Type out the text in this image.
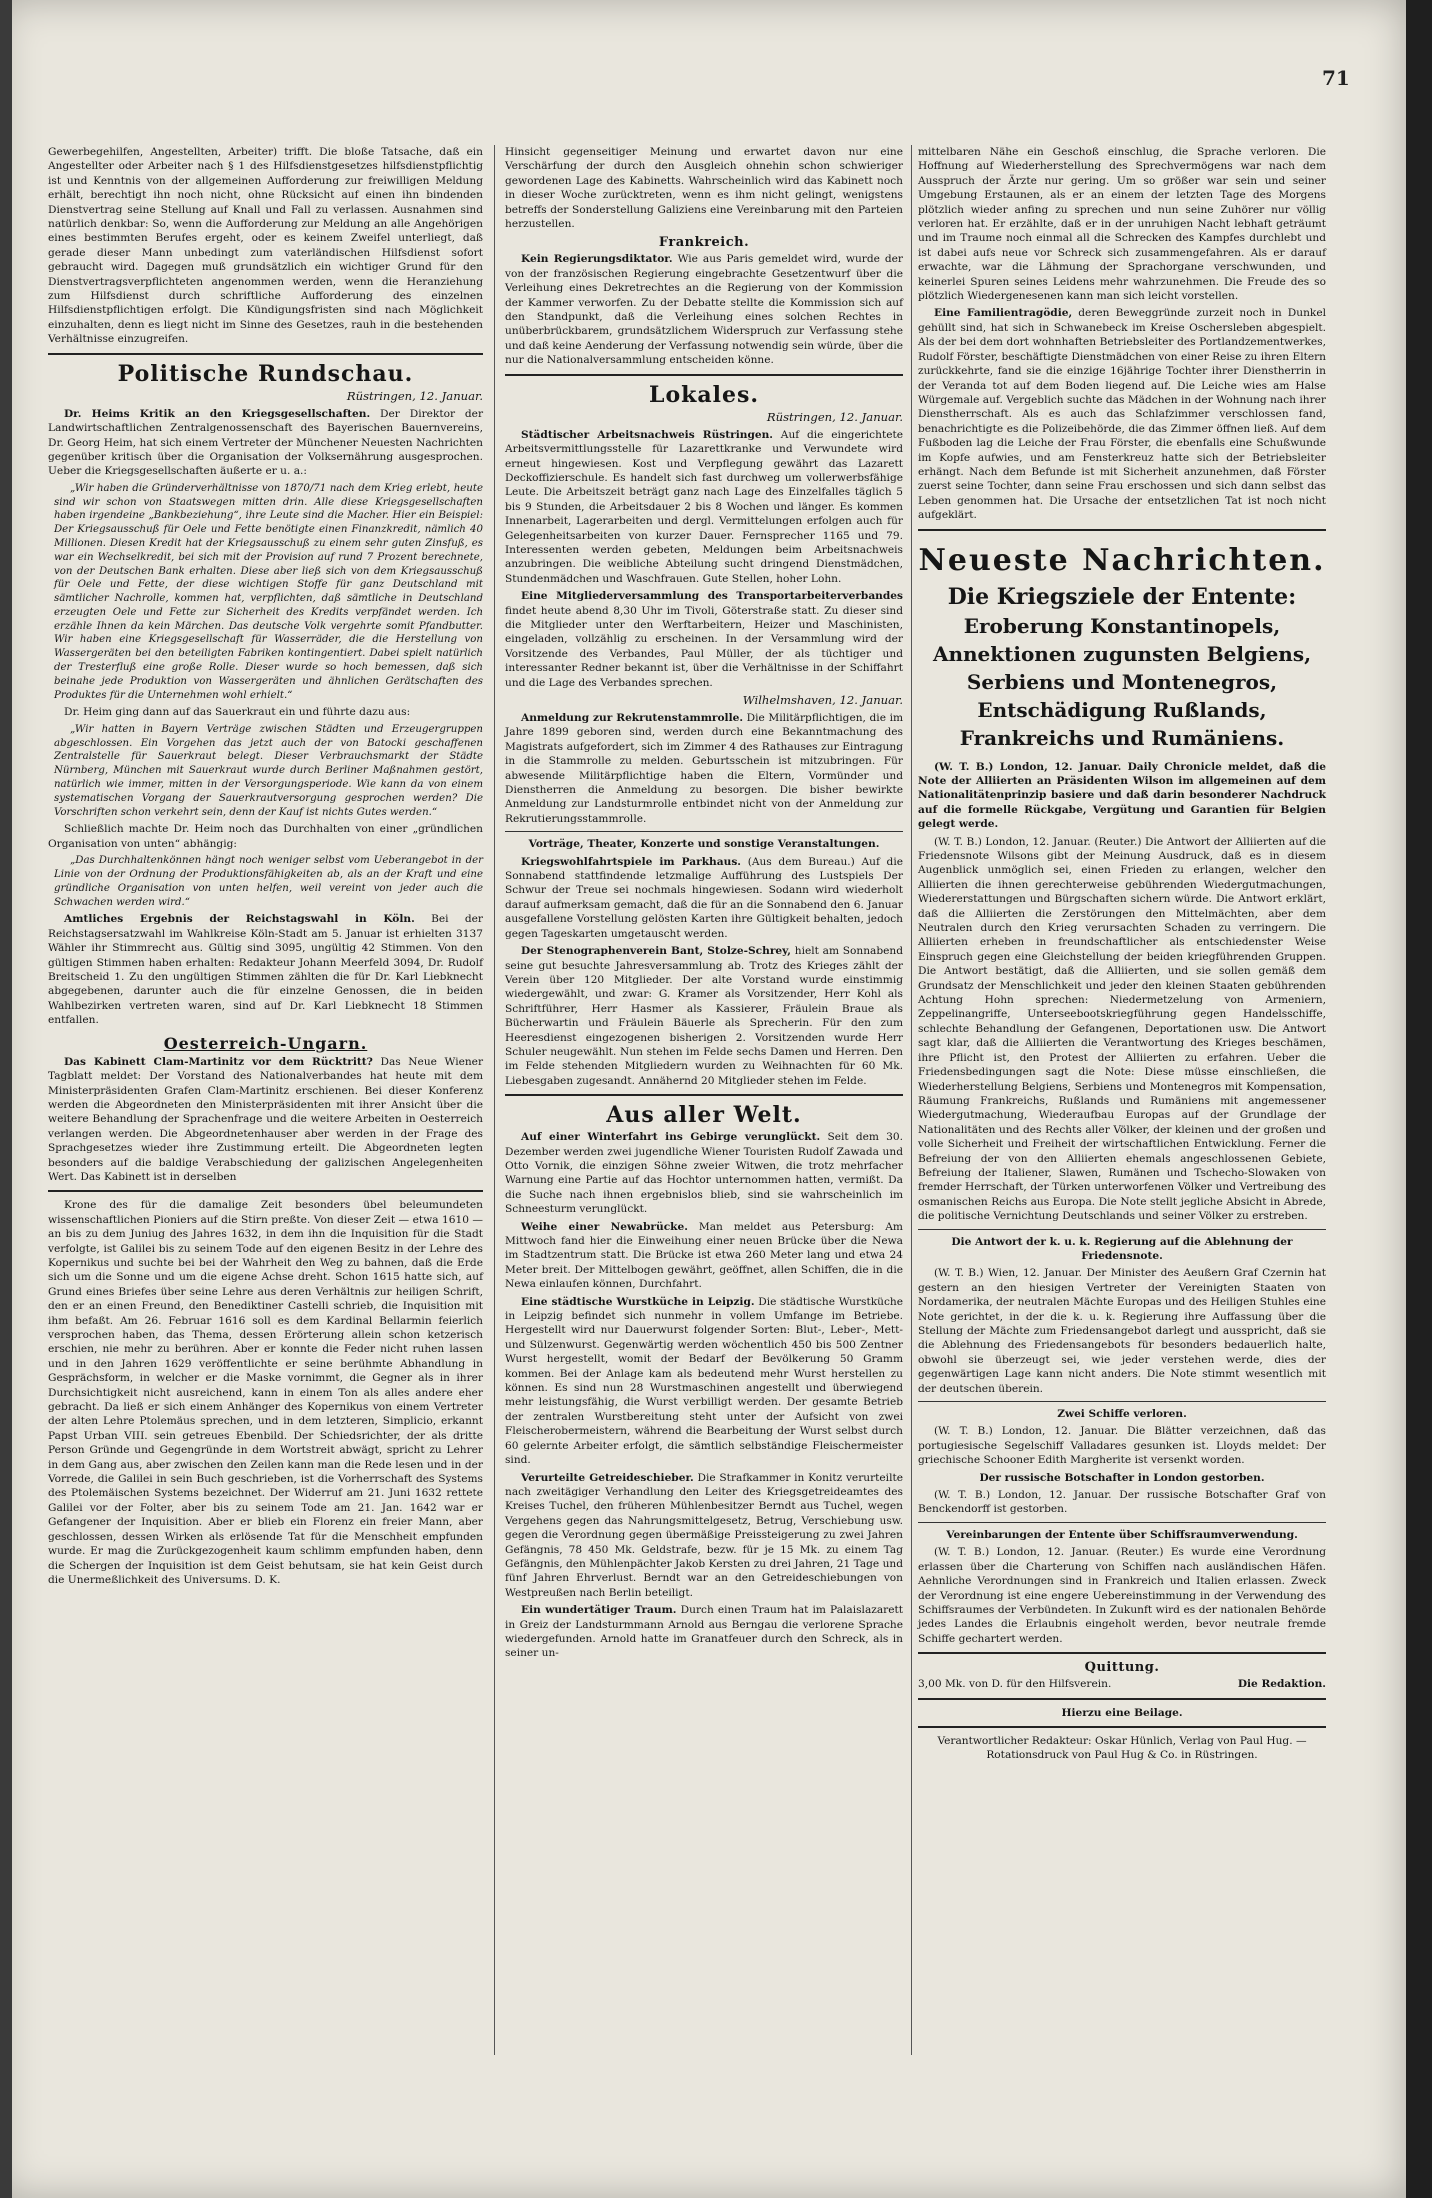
71

Gewerbegehilfen, Angestellten, Arbeiter) trifft. Die bloße Tatsache, daß ein Angestellter oder Arbeiter nach § 1 des Hilfsdienstgesetzes hilfsdienstpflichtig ist und Kenntnis von der allgemeinen Aufforderung zur freiwilligen Meldung erhält, berechtigt ihn noch nicht, ohne Rücksicht auf einen ihn bindenden Dienstvertrag seine Stellung auf Knall und Fall zu verlassen. Ausnahmen sind natürlich denkbar: So, wenn die Aufforderung zur Meldung an alle Angehörigen eines bestimmten Berufes ergeht, oder es keinem Zweifel unterliegt, daß gerade dieser Mann unbedingt zum vaterländischen Hilfsdienst sofort gebraucht wird. Dagegen muß grundsätzlich ein wichtiger Grund für den Dienstvertragsverpflichteten angenommen werden, wenn die Heranziehung zum Hilfsdienst durch schriftliche Aufforderung des einzelnen Hilfsdienstpflichtigen erfolgt. Die Kündigungsfristen sind nach Möglichkeit einzuhalten, denn es liegt nicht im Sinne des Gesetzes, rauh in die bestehenden Verhältnisse einzugreifen.

Politische Rundschau.
Rüstringen, 12. Januar.

Dr. Heims Kritik an den Kriegsgesellschaften. Der Direktor der Landwirtschaftlichen Zentralgenossenschaft des Bayerischen Bauernvereins, Dr. Georg Heim, hat sich einem Vertreter der Münchener Neuesten Nachrichten gegenüber kritisch über die Organisation der Volksernährung ausgesprochen. Ueber die Kriegsgesellschaften äußerte er u. a.:

„Wir haben die Gründerverhältnisse von 1870/71 nach dem Krieg erlebt, heute sind wir schon von Staatswegen mitten drin. Alle diese Kriegsgesellschaften haben irgendeine „Bankbeziehung“, ihre Leute sind die Macher. Hier ein Beispiel: Der Kriegsausschuß für Oele und Fette benötigte einen Finanzkredit, nämlich 40 Millionen. Diesen Kredit hat der Kriegsausschuß zu einem sehr guten Zinsfuß, es war ein Wechselkredit, bei sich mit der Provision auf rund 7 Prozent berechnete, von der Deutschen Bank erhalten. Diese aber ließ sich von dem Kriegsausschuß für Oele und Fette, der diese wichtigen Stoffe für ganz Deutschland mit sämtlicher Nachrolle, kommen hat, verpflichten, daß sämtliche in Deutschland erzeugten Oele und Fette zur Sicherheit des Kredits verpfändet werden. Ich erzähle Ihnen da kein Märchen. Das deutsche Volk vergehrte somit Pfandbutter. Wir haben eine Kriegsgesellschaft für Wasserräder, die die Herstellung von Wassergeräten bei den beteiligten Fabriken kontingentiert. Dabei spielt natürlich der Tresterfluß eine große Rolle. Dieser wurde so hoch bemessen, daß sich beinahe jede Produktion von Wassergeräten und ähnlichen Gerätschaften des Produktes für die Unternehmen wohl erhielt.“

Dr. Heim ging dann auf das Sauerkraut ein und führte dazu aus:

„Wir hatten in Bayern Verträge zwischen Städten und Erzeugergruppen abgeschlossen. Ein Vorgehen das jetzt auch der von Batocki geschaffenen Zentralstelle für Sauerkraut belegt. Dieser Verbrauchsmarkt der Städte Nürnberg, München mit Sauerkraut wurde durch Berliner Maßnahmen gestört, natürlich wie immer, mitten in der Versorgungsperiode. Wie kann da von einem systematischen Vorgang der Sauerkrautversorgung gesprochen werden? Die Vorschriften schon verkehrt sein, denn der Kauf ist nichts Gutes werden.“

Schließlich machte Dr. Heim noch das Durchhalten von einer „gründlichen Organisation von unten“ abhängig:

„Das Durchhaltenkönnen hängt noch weniger selbst vom Ueberangebot in der Linie von der Ordnung der Produktionsfähigkeiten ab, als an der Kraft und eine gründliche Organisation von unten helfen, weil vereint von jeder auch die Schwachen werden wird.“

Amtliches Ergebnis der Reichstagswahl in Köln. Bei der Reichstagsersatzwahl im Wahlkreise Köln-Stadt am 5. Januar ist erhielten 3137 Wähler ihr Stimmrecht aus. Gültig sind 3095, ungültig 42 Stimmen. Von den gültigen Stimmen haben erhalten: Redakteur Johann Meerfeld 3094, Dr. Rudolf Breitscheid 1. Zu den ungültigen Stimmen zählten die für Dr. Karl Liebknecht abgegebenen, darunter auch die für einzelne Genossen, die in beiden Wahlbezirken vertreten waren, sind auf Dr. Karl Liebknecht 18 Stimmen entfallen.

Oesterreich-Ungarn.

Das Kabinett Clam-Martinitz vor dem Rücktritt? Das Neue Wiener Tagblatt meldet: Der Vorstand des Nationalverbandes hat heute mit dem Ministerpräsidenten Grafen Clam-Martinitz erschienen. Bei dieser Konferenz werden die Abgeordneten den Ministerpräsidenten mit ihrer Ansicht über die weitere Behandlung der Sprachenfrage und die weitere Arbeiten in Oesterreich verlangen werden. Die Abgeordnetenhauser aber werden in der Frage des Sprachgesetzes wieder ihre Zustimmung erteilt. Die Abgeordneten legten besonders auf die baldige Verabschiedung der galizischen Angelegenheiten Wert. Das Kabinett ist in derselben

Krone des für die damalige Zeit besonders übel beleumundeten wissenschaftlichen Pioniers auf die Stirn preßte. Von dieser Zeit — etwa 1610 — an bis zu dem Juniug des Jahres 1632, in dem ihn die Inquisition für die Stadt verfolgte, ist Galilei bis zu seinem Tode auf den eigenen Besitz in der Lehre des Kopernikus und suchte bei bei der Wahrheit den Weg zu bahnen, daß die Erde sich um die Sonne und um die eigene Achse dreht. Schon 1615 hatte sich, auf Grund eines Briefes über seine Lehre aus deren Verhältnis zur heiligen Schrift, den er an einen Freund, den Benediktiner Castelli schrieb, die Inquisition mit ihm befaßt. Am 26. Februar 1616 soll es dem Kardinal Bellarmin feierlich versprochen haben, das Thema, dessen Erörterung allein schon ketzerisch erschien, nie mehr zu berühren. Aber er konnte die Feder nicht ruhen lassen und in den Jahren 1629 veröffentlichte er seine berühmte Abhandlung in Gesprächsform, in welcher er die Maske vornimmt, die Gegner als in ihrer Durchsichtigkeit nicht ausreichend, kann in einem Ton als alles andere eher gebracht. Da ließ er sich einem Anhänger des Kopernikus von einem Vertreter der alten Lehre Ptolemäus sprechen, und in dem letzteren, Simplicio, erkannt Papst Urban VIII. sein getreues Ebenbild. Der Schiedsrichter, der als dritte Person Gründe und Gegengründe in dem Wortstreit abwägt, spricht zu Lehrer in dem Gang aus, aber zwischen den Zeilen kann man die Rede lesen und in der Vorrede, die Galilei in sein Buch geschrieben, ist die Vorherrschaft des Systems des Ptolemäischen Systems bezeichnet. Der Widerruf am 21. Juni 1632 rettete Galilei vor der Folter, aber bis zu seinem Tode am 21. Jan. 1642 war er Gefangener der Inquisition. Aber er blieb ein Florenz ein freier Mann, aber geschlossen, dessen Wirken als erlösende Tat für die Menschheit empfunden wurde. Er mag die Zurückgezogenheit kaum schlimm empfunden haben, denn die Schergen der Inquisition ist dem Geist behutsam, sie hat kein Geist durch die Unermeßlichkeit des Universums. D. K.

Hinsicht gegenseitiger Meinung und erwartet davon nur eine Verschärfung der durch den Ausgleich ohnehin schon schwieriger gewordenen Lage des Kabinetts. Wahrscheinlich wird das Kabinett noch in dieser Woche zurücktreten, wenn es ihm nicht gelingt, wenigstens betreffs der Sonderstellung Galiziens eine Vereinbarung mit den Parteien herzustellen.

Frankreich.

Kein Regierungsdiktator. Wie aus Paris gemeldet wird, wurde der von der französischen Regierung eingebrachte Gesetzentwurf über die Verleihung eines Dekretrechtes an die Regierung von der Kommission der Kammer verworfen. Zu der Debatte stellte die Kommission sich auf den Standpunkt, daß die Verleihung eines solchen Rechtes in unüberbrückbarem, grundsätzlichem Widerspruch zur Verfassung stehe und daß keine Aenderung der Verfassung notwendig sein würde, über die nur die Nationalversammlung entscheiden könne.

Lokales.
Rüstringen, 12. Januar.

Städtischer Arbeitsnachweis Rüstringen. Auf die eingerichtete Arbeitsvermittlungsstelle für Lazarettkranke und Verwundete wird erneut hingewiesen. Kost und Verpflegung gewährt das Lazarett Deckoffizierschule. Es handelt sich fast durchweg um vollerwerbsfähige Leute. Die Arbeitszeit beträgt ganz nach Lage des Einzelfalles täglich 5 bis 9 Stunden, die Arbeitsdauer 2 bis 8 Wochen und länger. Es kommen Innenarbeit, Lagerarbeiten und dergl. Vermittelungen erfolgen auch für Gelegenheitsarbeiten von kurzer Dauer. Fernsprecher 1165 und 79. Interessenten werden gebeten, Meldungen beim Arbeitsnachweis anzubringen. Die weibliche Abteilung sucht dringend Dienstmädchen, Stundenmädchen und Waschfrauen. Gute Stellen, hoher Lohn.

Eine Mitgliederversammlung des Transportarbeiterverbandes findet heute abend 8,30 Uhr im Tivoli, Göterstraße statt. Zu dieser sind die Mitglieder unter den Werftarbeitern, Heizer und Maschinisten, eingeladen, vollzählig zu erscheinen. In der Versammlung wird der Vorsitzende des Verbandes, Paul Müller, der als tüchtiger und interessanter Redner bekannt ist, über die Verhältnisse in der Schiffahrt und die Lage des Verbandes sprechen.

Wilhelmshaven, 12. Januar.

Anmeldung zur Rekrutenstammrolle. Die Militärpflichtigen, die im Jahre 1899 geboren sind, werden durch eine Bekanntmachung des Magistrats aufgefordert, sich im Zimmer 4 des Rathauses zur Eintragung in die Stammrolle zu melden. Geburtsschein ist mitzubringen. Für abwesende Militärpflichtige haben die Eltern, Vormünder und Dienstherren die Anmeldung zu besorgen. Die bisher bewirkte Anmeldung zur Landsturmrolle entbindet nicht von der Anmeldung zur Rekrutierungsstammrolle.

Vorträge, Theater, Konzerte und sonstige Veranstaltungen.

Kriegswohlfahrtspiele im Parkhaus. (Aus dem Bureau.) Auf die Sonnabend stattfindende letzmalige Aufführung des Lustspiels Der Schwur der Treue sei nochmals hingewiesen. Sodann wird wiederholt darauf aufmerksam gemacht, daß die für an die Sonnabend den 6. Januar ausgefallene Vorstellung gelösten Karten ihre Gültigkeit behalten, jedoch gegen Tageskarten umgetauscht werden.

Der Stenographenverein Bant, Stolze-Schrey, hielt am Sonnabend seine gut besuchte Jahresversammlung ab. Trotz des Krieges zählt der Verein über 120 Mitglieder. Der alte Vorstand wurde einstimmig wiedergewählt, und zwar: G. Kramer als Vorsitzender, Herr Kohl als Schriftführer, Herr Hasmer als Kassierer, Fräulein Braue als Bücherwartin und Fräulein Bäuerle als Sprecherin. Für den zum Heeresdienst eingezogenen bisherigen 2. Vorsitzenden wurde Herr Schuler neugewählt. Nun stehen im Felde sechs Damen und Herren. Den im Felde stehenden Mitgliedern wurden zu Weihnachten für 60 Mk. Liebesgaben zugesandt. Annähernd 20 Mitglieder stehen im Felde.

Aus aller Welt.

Auf einer Winterfahrt ins Gebirge verunglückt. Seit dem 30. Dezember werden zwei jugendliche Wiener Touristen Rudolf Zawada und Otto Vornik, die einzigen Söhne zweier Witwen, die trotz mehrfacher Warnung eine Partie auf das Hochtor unternommen hatten, vermißt. Da die Suche nach ihnen ergebnislos blieb, sind sie wahrscheinlich im Schneesturm verunglückt.

Weihe einer Newabrücke. Man meldet aus Petersburg: Am Mittwoch fand hier die Einweihung einer neuen Brücke über die Newa im Stadtzentrum statt. Die Brücke ist etwa 260 Meter lang und etwa 24 Meter breit. Der Mittelbogen gewährt, geöffnet, allen Schiffen, die in die Newa einlaufen können, Durchfahrt.

Eine städtische Wurstküche in Leipzig. Die städtische Wurstküche in Leipzig befindet sich nunmehr in vollem Umfange im Betriebe. Hergestellt wird nur Dauerwurst folgender Sorten: Blut-, Leber-, Mett- und Sülzenwurst. Gegenwärtig werden wöchentlich 450 bis 500 Zentner Wurst hergestellt, womit der Bedarf der Bevölkerung 50 Gramm kommen. Bei der Anlage kam als bedeutend mehr Wurst herstellen zu können. Es sind nun 28 Wurstmaschinen angestellt und überwiegend mehr leistungsfähig, die Wurst verbilligt werden. Der gesamte Betrieb der zentralen Wurstbereitung steht unter der Aufsicht von zwei Fleischerobermeistern, während die Bearbeitung der Wurst selbst durch 60 gelernte Arbeiter erfolgt, die sämtlich selbständige Fleischermeister sind.

Verurteilte Getreideschieber. Die Strafkammer in Konitz verurteilte nach zweitägiger Verhandlung den Leiter des Kriegsgetreideamtes des Kreises Tuchel, den früheren Mühlenbesitzer Berndt aus Tuchel, wegen Vergehens gegen das Nahrungsmittelgesetz, Betrug, Verschiebung usw. gegen die Verordnung gegen übermäßige Preissteigerung zu zwei Jahren Gefängnis, 78 450 Mk. Geldstrafe, bezw. für je 15 Mk. zu einem Tag Gefängnis, den Mühlenpächter Jakob Kersten zu drei Jahren, 21 Tage und fünf Jahren Ehrverlust. Berndt war an den Getreideschiebungen von Westpreußen nach Berlin beteiligt.

Ein wundertätiger Traum. Durch einen Traum hat im Palaislazarett in Greiz der Landsturmmann Arnold aus Berngau die verlorene Sprache wiedergefunden. Arnold hatte im Granatfeuer durch den Schreck, als in seiner un-

mittelbaren Nähe ein Geschoß einschlug, die Sprache verloren. Die Hoffnung auf Wiederherstellung des Sprechvermögens war nach dem Ausspruch der Ärzte nur gering. Um so größer war sein und seiner Umgebung Erstaunen, als er an einem der letzten Tage des Morgens plötzlich wieder anfing zu sprechen und nun seine Zuhörer nur völlig verloren hat. Er erzählte, daß er in der unruhigen Nacht lebhaft geträumt und im Traume noch einmal all die Schrecken des Kampfes durchlebt und ist dabei aufs neue vor Schreck sich zusammengefahren. Als er darauf erwachte, war die Lähmung der Sprachorgane verschwunden, und keinerlei Spuren seines Leidens mehr wahrzunehmen. Die Freude des so plötzlich Wiedergenesenen kann man sich leicht vorstellen.

Eine Familientragödie, deren Beweggründe zurzeit noch in Dunkel gehüllt sind, hat sich in Schwanebeck im Kreise Oschersleben abgespielt. Als der bei dem dort wohnhaften Betriebsleiter des Portlandzementwerkes, Rudolf Förster, beschäftigte Dienstmädchen von einer Reise zu ihren Eltern zurückkehrte, fand sie die einzige 16jährige Tochter ihrer Dienstherrin in der Veranda tot auf dem Boden liegend auf. Die Leiche wies am Halse Würgemale auf. Vergeblich suchte das Mädchen in der Wohnung nach ihrer Dienstherrschaft. Als es auch das Schlafzimmer verschlossen fand, benachrichtigte es die Polizeibehörde, die das Zimmer öffnen ließ. Auf dem Fußboden lag die Leiche der Frau Förster, die ebenfalls eine Schußwunde im Kopfe aufwies, und am Fensterkreuz hatte sich der Betriebsleiter erhängt. Nach dem Befunde ist mit Sicherheit anzunehmen, daß Förster zuerst seine Tochter, dann seine Frau erschossen und sich dann selbst das Leben genommen hat. Die Ursache der entsetzlichen Tat ist noch nicht aufgeklärt.

Neueste Nachrichten.
Die Kriegsziele der Entente:
Eroberung Konstantinopels, Annektionen zugunsten Belgiens, Serbiens und Montenegros, Entschädigung Rußlands, Frankreichs und Rumäniens.

(W. T. B.) London, 12. Januar. Daily Chronicle meldet, daß die Note der Alliierten an Präsidenten Wilson im allgemeinen auf dem Nationalitätenprinzip basiere und daß darin besonderer Nachdruck auf die formelle Rückgabe, Vergütung und Garantien für Belgien gelegt werde.

(W. T. B.) London, 12. Januar. (Reuter.) Die Antwort der Alliierten auf die Friedensnote Wilsons gibt der Meinung Ausdruck, daß es in diesem Augenblick unmöglich sei, einen Frieden zu erlangen, welcher den Alliierten die ihnen gerechterweise gebührenden Wiedergutmachungen, Wiedererstattungen und Bürgschaften sichern würde. Die Antwort erklärt, daß die Alliierten die Zerstörungen den Mittelmächten, aber dem Neutralen durch den Krieg verursachten Schaden zu verringern. Die Alliierten erheben in freundschaftlicher als entschiedenster Weise Einspruch gegen eine Gleichstellung der beiden kriegführenden Gruppen. Die Antwort bestätigt, daß die Alliierten, und sie sollen gemäß dem Grundsatz der Menschlichkeit und jeder den kleinen Staaten gebührenden Achtung Hohn sprechen: Niedermetzelung von Armeniern, Zeppelinangriffe, Unterseebootskriegführung gegen Handelsschiffe, schlechte Behandlung der Gefangenen, Deportationen usw. Die Antwort sagt klar, daß die Alliierten die Verantwortung des Krieges beschämen, ihre Pflicht ist, den Protest der Alliierten zu erfahren. Ueber die Friedensbedingungen sagt die Note: Diese müsse einschließen, die Wiederherstellung Belgiens, Serbiens und Montenegros mit Kompensation, Räumung Frankreichs, Rußlands und Rumäniens mit angemessener Wiedergutmachung, Wiederaufbau Europas auf der Grundlage der Nationalitäten und des Rechts aller Völker, der kleinen und der großen und volle Sicherheit und Freiheit der wirtschaftlichen Entwicklung. Ferner die Befreiung der von den Alliierten ehemals angeschlossenen Gebiete, Befreiung der Italiener, Slawen, Rumänen und Tschecho-Slowaken von fremder Herrschaft, der Türken unterworfenen Völker und Vertreibung des osmanischen Reichs aus Europa. Die Note stellt jegliche Absicht in Abrede, die politische Vernichtung Deutschlands und seiner Völker zu erstreben.

Die Antwort der k. u. k. Regierung auf die Ablehnung der Friedensnote.

(W. T. B.) Wien, 12. Januar. Der Minister des Aeußern Graf Czernin hat gestern an den hiesigen Vertreter der Vereinigten Staaten von Nordamerika, der neutralen Mächte Europas und des Heiligen Stuhles eine Note gerichtet, in der die k. u. k. Regierung ihre Auffassung über die Stellung der Mächte zum Friedensangebot darlegt und ausspricht, daß sie die Ablehnung des Friedensangebots für besonders bedauerlich halte, obwohl sie überzeugt sei, wie jeder verstehen werde, dies der gegenwärtigen Lage kann nicht anders. Die Note stimmt wesentlich mit der deutschen überein.

Zwei Schiffe verloren.

(W. T. B.) London, 12. Januar. Die Blätter verzeichnen, daß das portugiesische Segelschiff Valladares gesunken ist. Lloyds meldet: Der griechische Schooner Edith Margherite ist versenkt worden.

Der russische Botschafter in London gestorben.

(W. T. B.) London, 12. Januar. Der russische Botschafter Graf von Benckendorff ist gestorben.

Vereinbarungen der Entente über Schiffsraumverwendung.

(W. T. B.) London, 12. Januar. (Reuter.) Es wurde eine Verordnung erlassen über die Charterung von Schiffen nach ausländischen Häfen. Aehnliche Verordnungen sind in Frankreich und Italien erlassen. Zweck der Verordnung ist eine engere Uebereinstimmung in der Verwendung des Schiffsraumes der Verbündeten. In Zukunft wird es der nationalen Behörde jedes Landes die Erlaubnis eingeholt werden, bevor neutrale fremde Schiffe gechartert werden.

Quittung.

3,00 Mk. von D. für den Hilfsverein.	Die Redaktion.

Hierzu eine Beilage.

Verantwortlicher Redakteur: Oskar Hünlich, Verlag von Paul Hug. — Rotationsdruck von Paul Hug & Co. in Rüstringen.
